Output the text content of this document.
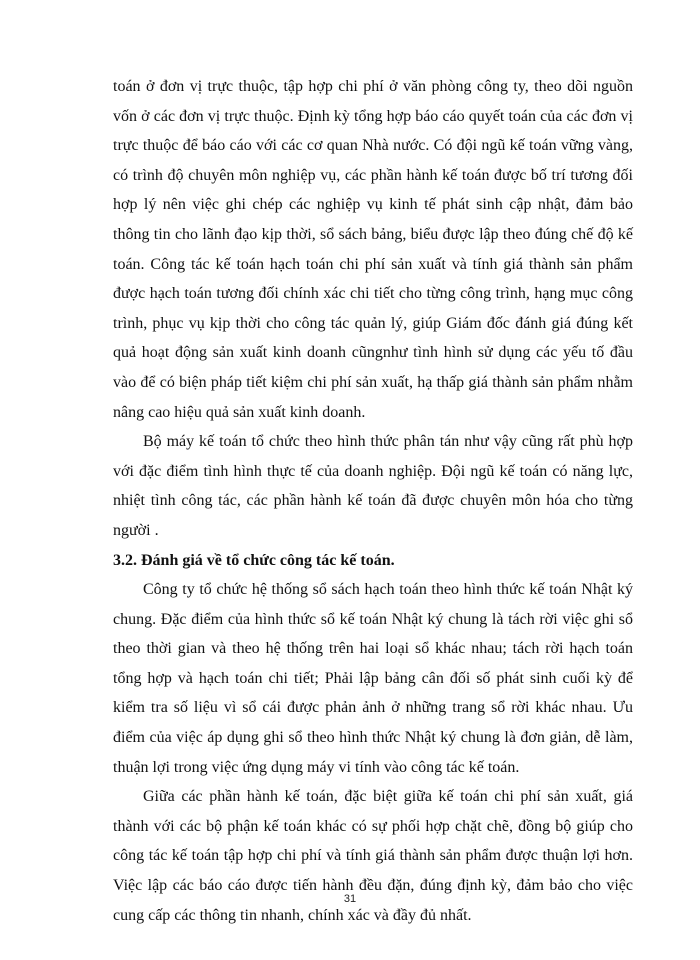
toán ở đơn vị trực thuộc, tập hợp chi phí ở văn phòng công ty, theo dõi nguồn vốn ở các đơn vị trực thuộc. Định kỳ tổng hợp báo cáo quyết toán của các đơn vị trực thuộc để báo cáo với các cơ quan Nhà nước. Có đội ngũ kế toán vững vàng, có trình độ chuyên môn nghiệp vụ, các phần hành kế toán được bố trí tương đối hợp lý nên việc ghi chép các nghiệp vụ kinh tế phát sinh cập nhật, đảm bảo thông tin cho lãnh đạo kịp thời, sổ sách bảng, biểu được lập theo đúng chế độ kế toán. Công tác kế toán hạch toán chi phí sản xuất và tính giá thành sản phẩm được hạch toán tương đối chính xác chi tiết cho từng công trình, hạng mục công trình, phục vụ kịp thời cho công tác quản lý, giúp Giám đốc đánh giá đúng kết quả hoạt động sản xuất kinh doanh cũngnhư tình hình sử dụng các yếu tố đầu vào để có biện pháp tiết kiệm chi phí sản xuất, hạ thấp giá thành sản phẩm nhằm nâng cao hiệu quả sản xuất kinh doanh.

Bộ máy kế toán tổ chức theo hình thức phân tán như vậy cũng rất phù hợp với đặc điểm tình hình thực tế của doanh nghiệp. Đội ngũ kế toán có năng lực, nhiệt tình công tác, các phần hành kế toán đã được chuyên môn hóa cho từng người .

3.2. Đánh giá về tổ chức công tác kế toán.

Công ty tổ chức hệ thống sổ sách hạch toán theo hình thức kế toán Nhật ký chung. Đặc điểm của hình thức sổ kế toán Nhật ký chung là tách rời việc ghi sổ theo thời gian và theo hệ thống trên hai loại sổ khác nhau; tách rời hạch toán tổng hợp và hạch toán chi tiết; Phải lập bảng cân đối số phát sinh cuối kỳ để kiểm tra số liệu vì sổ cái được phản ảnh ở những trang sổ rời khác nhau. Ưu điểm của việc áp dụng ghi sổ theo hình thức Nhật ký chung là đơn giản, dễ làm, thuận lợi trong việc ứng dụng máy vi tính vào công tác kế toán.

Giữa các phần hành kế toán, đặc biệt giữa kế toán chi phí sản xuất, giá thành với các bộ phận kế toán khác có sự phối hợp chặt chẽ, đồng bộ giúp cho công tác kế toán tập hợp chi phí và tính giá thành sản phẩm được thuận lợi hơn. Việc lập các báo cáo được tiến hành đều đặn, đúng định kỳ, đảm bảo cho việc cung cấp các thông tin nhanh, chính xác và đầy đủ nhất.

31
